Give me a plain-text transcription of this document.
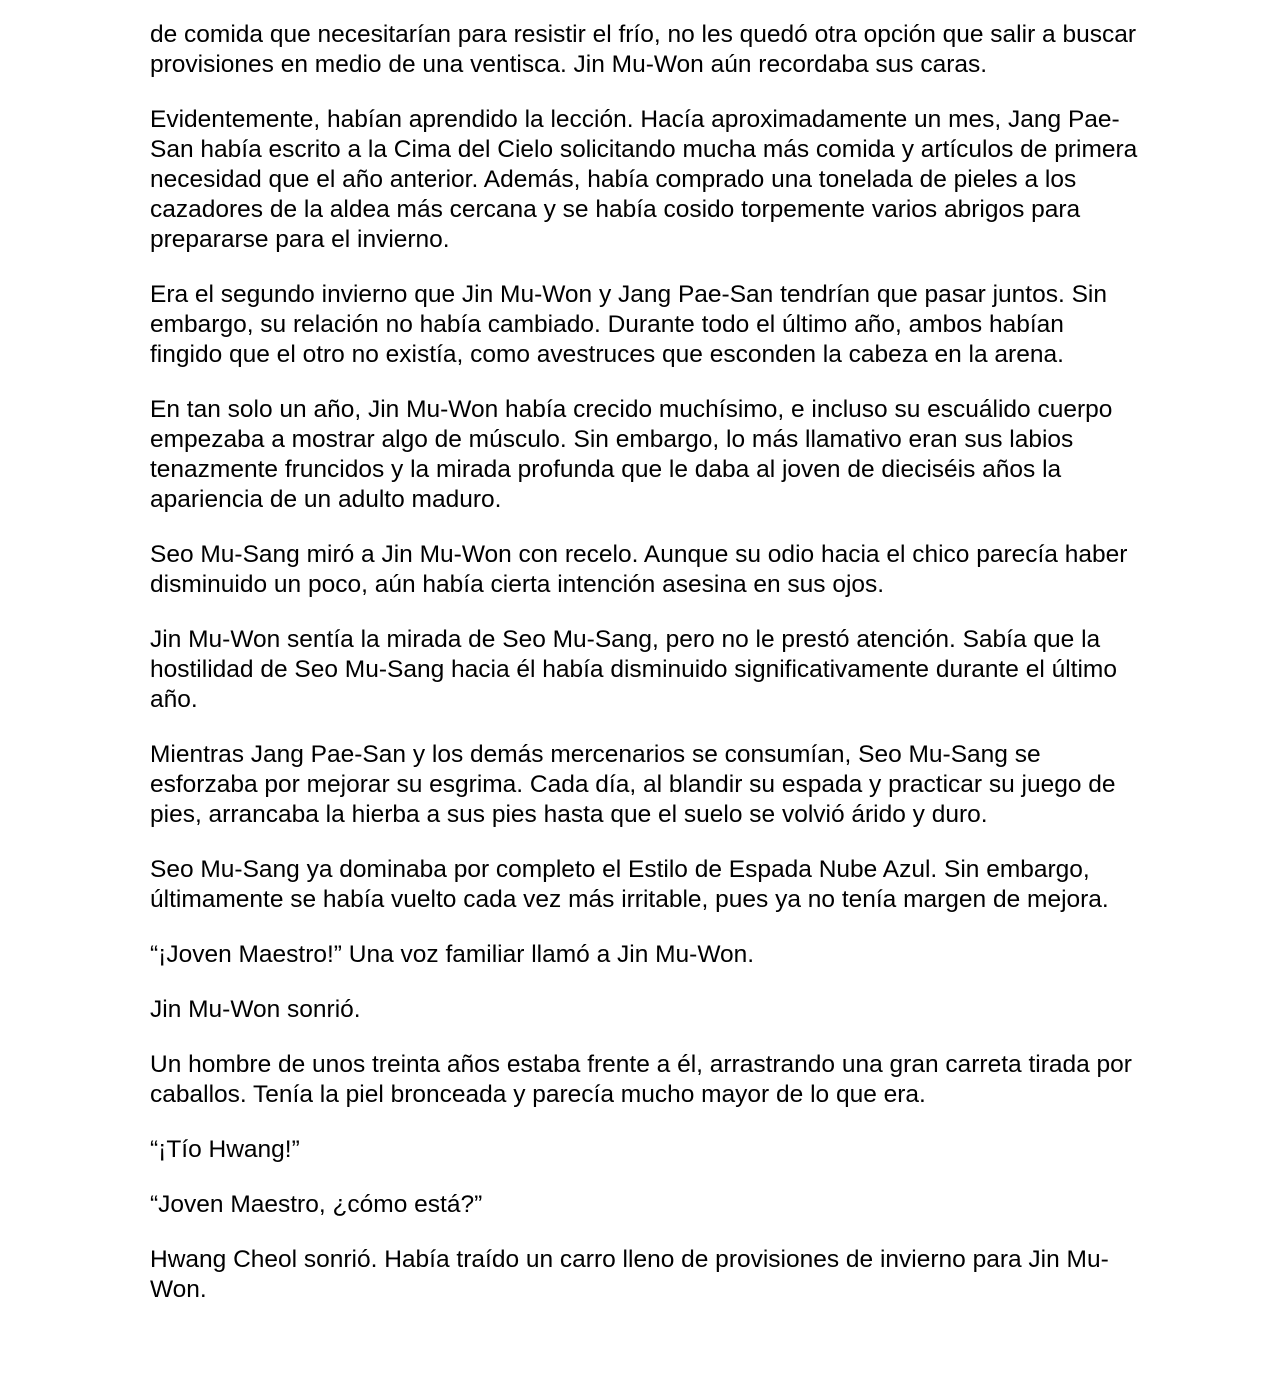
de comida que necesitarían para resistir el frío, no les quedó otra opción que salir a buscar provisiones en medio de una ventisca. Jin Mu-Won aún recordaba sus caras.

Evidentemente, habían aprendido la lección. Hacía aproximadamente un mes, Jang Pae-San había escrito a la Cima del Cielo solicitando mucha más comida y artículos de primera necesidad que el año anterior. Además, había comprado una tonelada de pieles a los cazadores de la aldea más cercana y se había cosido torpemente varios abrigos para prepararse para el invierno.

Era el segundo invierno que Jin Mu-Won y Jang Pae-San tendrían que pasar juntos. Sin embargo, su relación no había cambiado. Durante todo el último año, ambos habían fingido que el otro no existía, como avestruces que esconden la cabeza en la arena.

En tan solo un año, Jin Mu-Won había crecido muchísimo, e incluso su escuálido cuerpo empezaba a mostrar algo de músculo. Sin embargo, lo más llamativo eran sus labios tenazmente fruncidos y la mirada profunda que le daba al joven de dieciséis años la apariencia de un adulto maduro.

Seo Mu-Sang miró a Jin Mu-Won con recelo. Aunque su odio hacia el chico parecía haber disminuido un poco, aún había cierta intención asesina en sus ojos.

Jin Mu-Won sentía la mirada de Seo Mu-Sang, pero no le prestó atención. Sabía que la hostilidad de Seo Mu-Sang hacia él había disminuido significativamente durante el último año.

Mientras Jang Pae-San y los demás mercenarios se consumían, Seo Mu-Sang se esforzaba por mejorar su esgrima. Cada día, al blandir su espada y practicar su juego de pies, arrancaba la hierba a sus pies hasta que el suelo se volvió árido y duro.

Seo Mu-Sang ya dominaba por completo el Estilo de Espada Nube Azul. Sin embargo, últimamente se había vuelto cada vez más irritable, pues ya no tenía margen de mejora.

“¡Joven Maestro!” Una voz familiar llamó a Jin Mu-Won.

Jin Mu-Won sonrió.

Un hombre de unos treinta años estaba frente a él, arrastrando una gran carreta tirada por caballos. Tenía la piel bronceada y parecía mucho mayor de lo que era.

“¡Tío Hwang!”

“Joven Maestro, ¿cómo está?”

Hwang Cheol sonrió. Había traído un carro lleno de provisiones de invierno para Jin Mu-Won.
